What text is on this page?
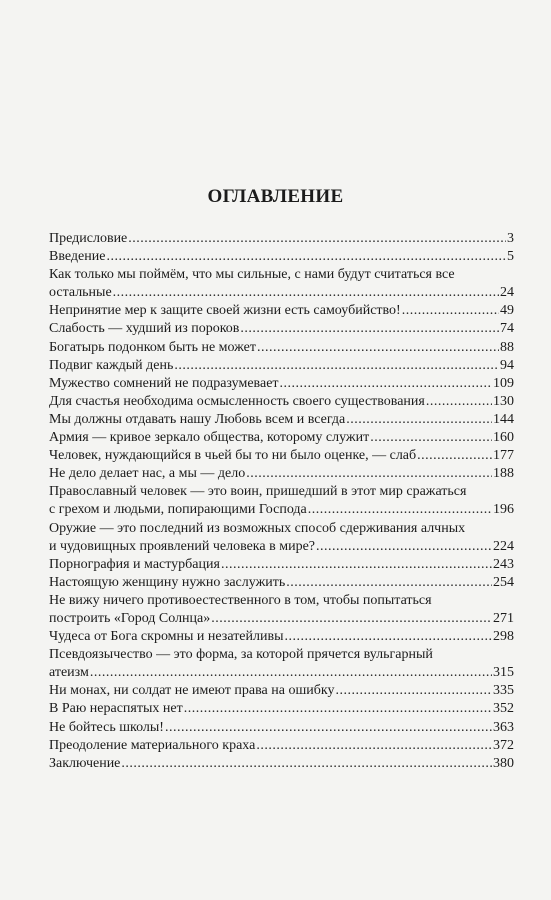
ОГЛАВЛЕНИЕ
Предисловие .....	3
Введение .....	5
Как только мы поймём, что мы сильные, с нами будут считаться все
остальные .....	24
Непринятие мер к защите своей жизни есть самоубийство! .....	49
Слабость — худший из пороков .....	74
Богатырь подонком быть не может .....	88
Подвиг каждый день .....	94
Мужество сомнений не подразумевает .....	109
Для счастья необходима осмысленность своего существования .....	130
Мы должны отдавать нашу Любовь всем и всегда .....	144
Армия — кривое зеркало общества, которому служит .....	160
Человек, нуждающийся в чьей бы то ни было оценке, — слаб .....	177
Не дело делает нас, а мы — дело .....	188
Православный человек — это воин, пришедший в этот мир сражаться
с грехом и людьми, попирающими Господа .....	196
Оружие — это последний из возможных способ сдерживания алчных
и чудовищных проявлений человека в мире? .....	224
Порнография и мастурбация .....	243
Настоящую женщину нужно заслужить .....	254
Не вижу ничего противоестественного в том, чтобы попытаться
построить «Город Солнца» .....	271
Чудеса от Бога скромны и незатейливы .....	298
Псевдоязычество — это форма, за которой прячется вульгарный
атеизм .....	315
Ни монах, ни солдат не имеют права на ошибку .....	335
В Раю нераспятых нет .....	352
Не бойтесь школы! .....	363
Преодоление материального краха .....	372
Заключение .....	380
